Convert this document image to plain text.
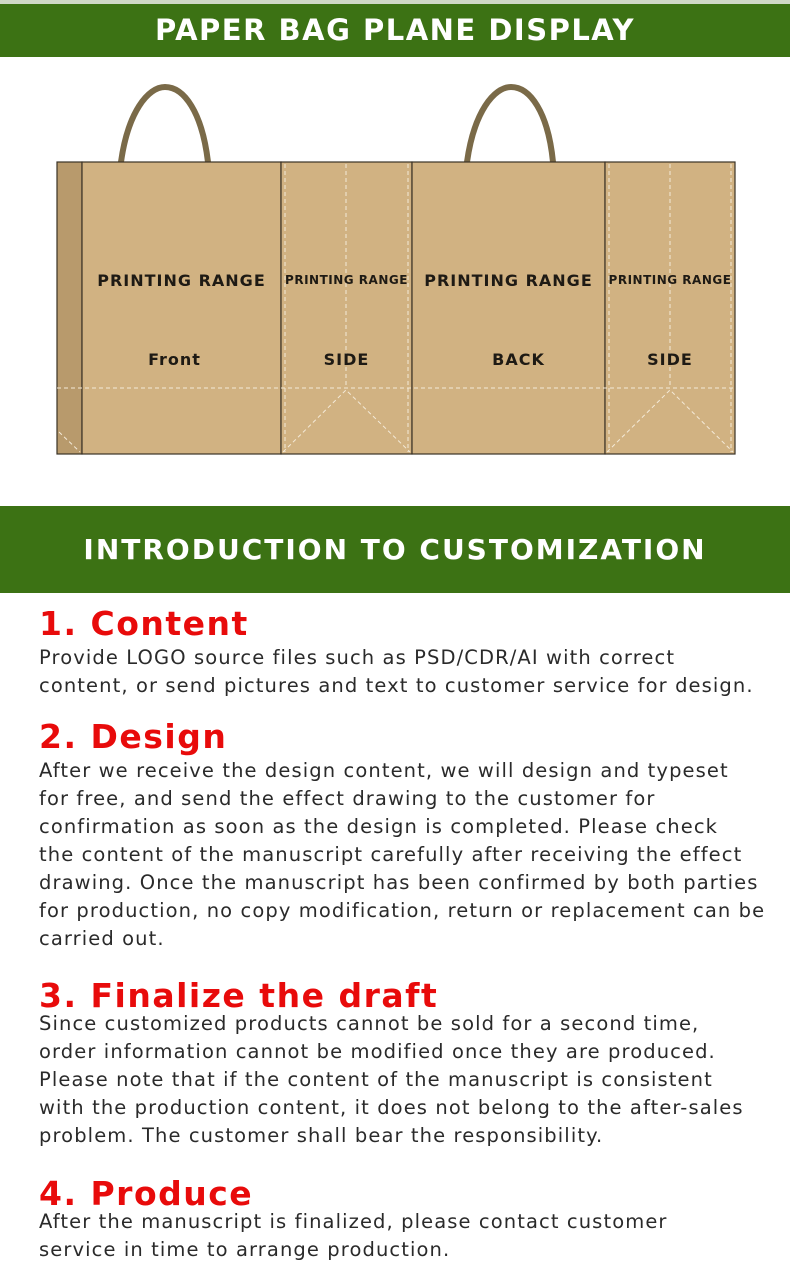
PAPER BAG PLANE DISPLAY
PRINTING RANGE
Front
PRINTING RANGE
SIDE
PRINTING RANGE
BACK
PRINTING RANGE
SIDE
INTRODUCTION TO CUSTOMIZATION PROCESS
1. Content

Provide LOGO source files such as PSD/CDR/AI with correct
content, or send pictures and text to customer service for design.

2. Design

After we receive the design content, we will design and typeset
for free, and send the effect drawing to the customer for
confirmation as soon as the design is completed. Please check
the content of the manuscript carefully after receiving the effect
drawing. Once the manuscript has been confirmed by both parties
for production, no copy modification, return or replacement can be
carried out.

3. Finalize the draft

Since customized products cannot be sold for a second time,
order information cannot be modified once they are produced.
Please note that if the content of the manuscript is consistent
with the production content, it does not belong to the after-sales
problem. The customer shall bear the responsibility.

4. Produce

After the manuscript is finalized, please contact customer
service in time to arrange production.
